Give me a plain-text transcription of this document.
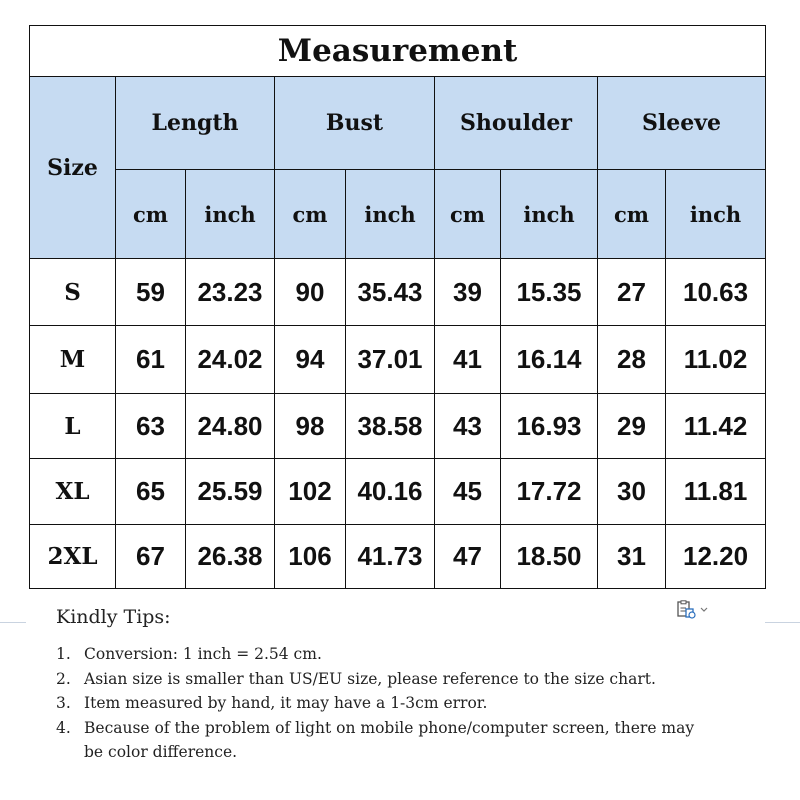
Measurement								
Size	Length		Bust		Shoulder		Sleeve	
	cm	inch	cm	inch	cm	inch	cm	inch
S	59	23.23	90	35.43	39	15.35	27	10.63
M	61	24.02	94	37.01	41	16.14	28	11.02
L	63	24.80	98	38.58	43	16.93	29	11.42
XL	65	25.59	102	40.16	45	17.72	30	11.81
2XL	67	26.38	106	41.73	47	18.50	31	12.20
Kindly Tips:
1. Conversion: 1 inch = 2.54 cm.
2. Asian size is smaller than US/EU size, please reference to the size chart.
3. Item measured by hand, it may have a 1-3cm error.
4. Because of the problem of light on mobile phone/computer screen, there may be color difference.
